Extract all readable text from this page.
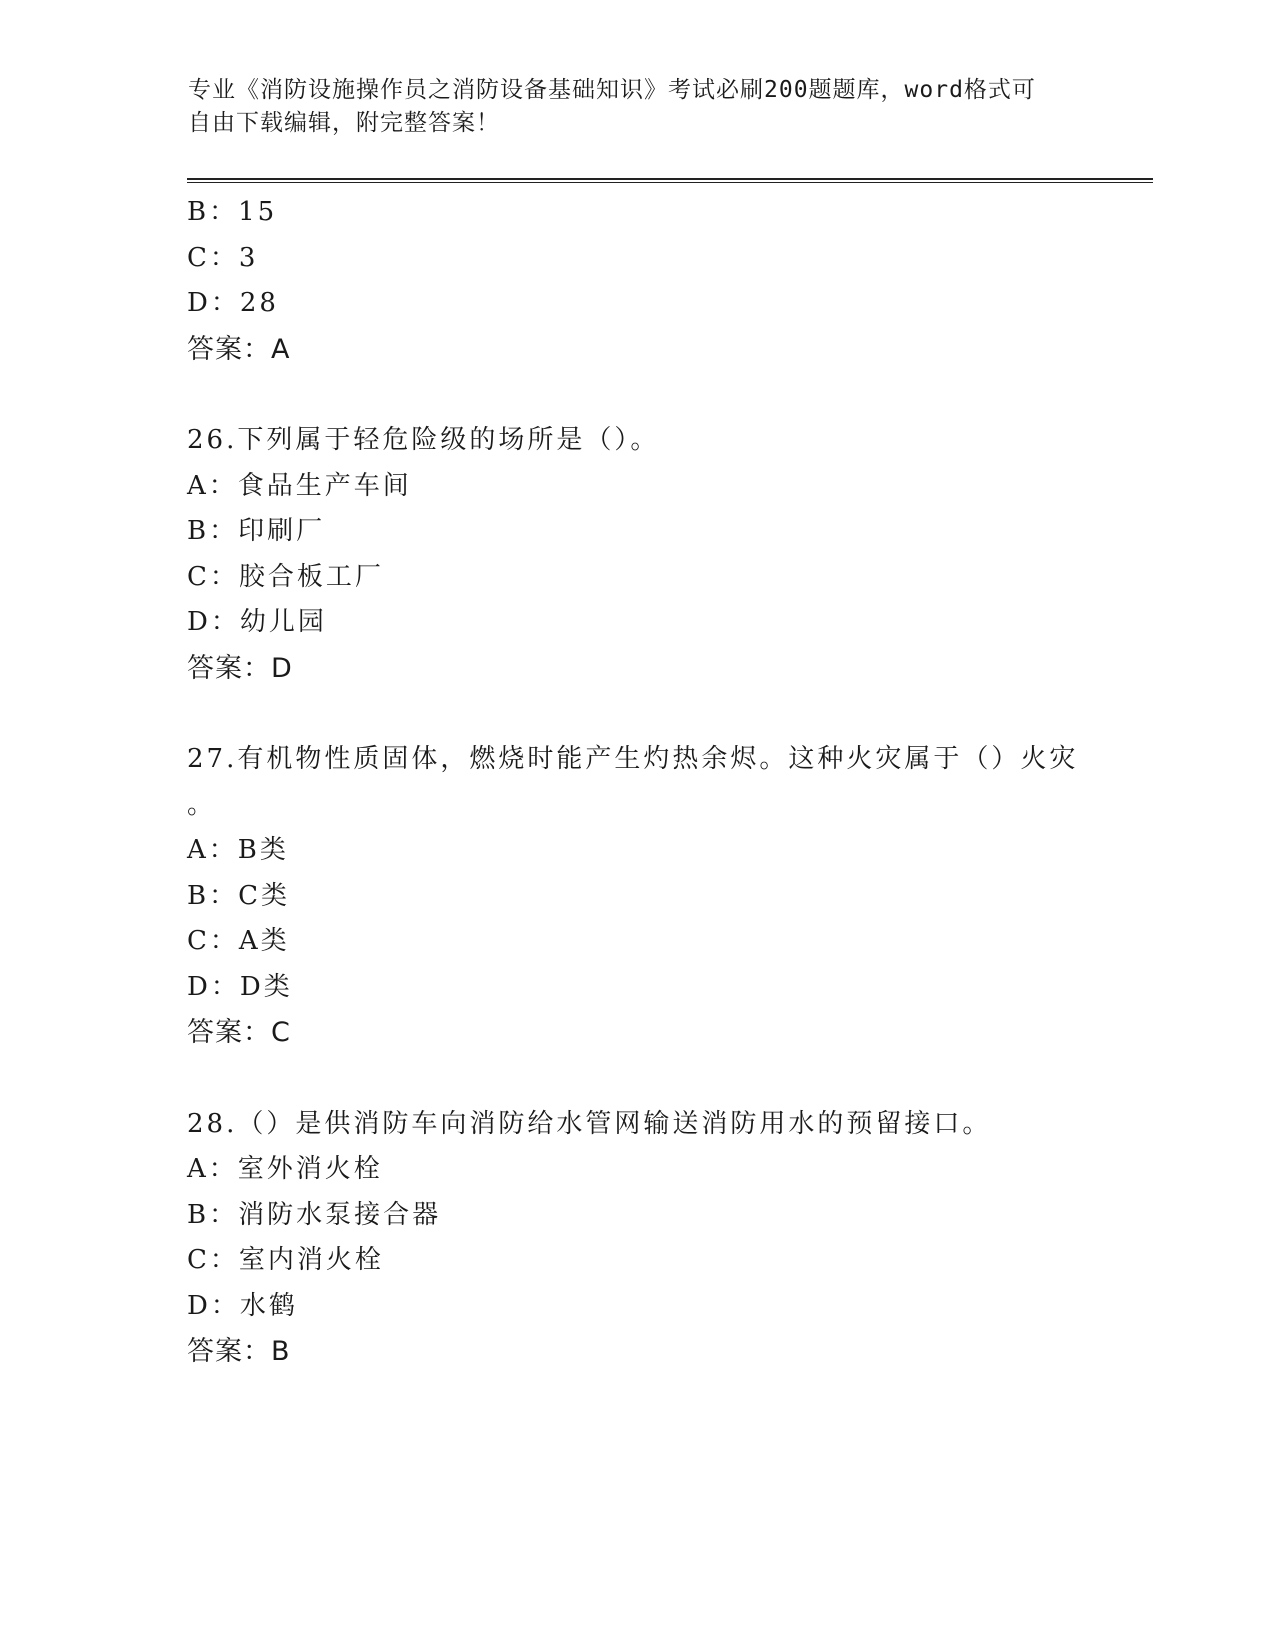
专业《消防设施操作员之消防设备基础知识》考试必刷200题题库，word格式可
自由下载编辑，附完整答案！
B：15
C：3
D：28
答案：A
26.下列属于轻危险级的场所是（）。
A：食品生产车间
B：印刷厂
C：胶合板工厂
D：幼儿园
答案：D
27.有机物性质固体，燃烧时能产生灼热余烬。这种火灾属于（）火灾
。
A：B类
B：C类
C：A类
D：D类
答案：C
28.（）是供消防车向消防给水管网输送消防用水的预留接口。
A：室外消火栓
B：消防水泵接合器
C：室内消火栓
D：水鹤
答案：B
